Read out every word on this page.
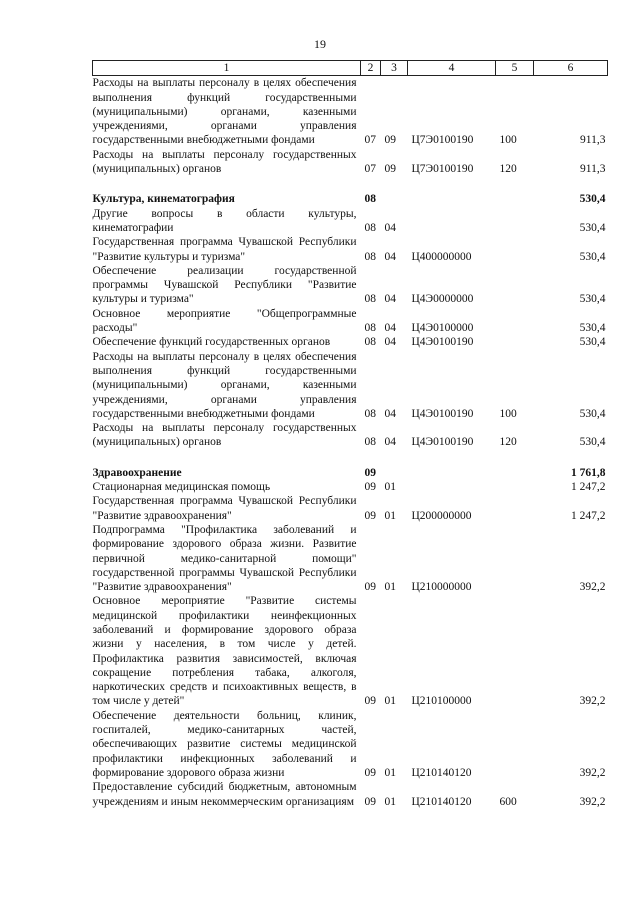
19
1	2	3	4	5	6
Расходы на выплаты персоналу в целях обеспечения выполнения функций государственными (муниципальными) органами, казенными учреждениями, органами управления государственными внебюджетными фондами	07	09	Ц7Э0100190	100	911,3
Расходы на выплаты персоналу государственных (муниципальных) органов	07	09	Ц7Э0100190	120	911,3
Культура, кинематография	08				530,4
Другие вопросы в области культуры, кинематографии	08	04			530,4
Государственная программа Чувашской Республики "Развитие культуры и туризма"	08	04	Ц400000000		530,4
Обеспечение реализации государственной программы Чувашской Республики "Развитие культуры и туризма"	08	04	Ц4Э0000000		530,4
Основное мероприятие "Общепрограммные расходы"	08	04	Ц4Э0100000		530,4
Обеспечение функций государственных органов	08	04	Ц4Э0100190		530,4
Расходы на выплаты персоналу в целях обеспечения выполнения функций государственными (муниципальными) органами, казенными учреждениями, органами управления государственными внебюджетными фондами	08	04	Ц4Э0100190	100	530,4
Расходы на выплаты персоналу государственных (муниципальных) органов	08	04	Ц4Э0100190	120	530,4
Здравоохранение	09				1 761,8
Стационарная медицинская помощь	09	01			1 247,2
Государственная программа Чувашской Республики "Развитие здравоохранения"	09	01	Ц200000000		1 247,2
Подпрограмма "Профилактика заболеваний и формирование здорового образа жизни. Развитие первичной медико-санитарной помощи" государственной программы Чувашской Республики "Развитие здравоохранения"	09	01	Ц210000000		392,2
Основное мероприятие "Развитие системы медицинской профилактики неинфекционных заболеваний и формирование здорового образа жизни у населения, в том числе у детей. Профилактика развития зависимостей, включая сокращение потребления табака, алкоголя, наркотических средств и психоактивных веществ, в том числе у детей"	09	01	Ц210100000		392,2
Обеспечение деятельности больниц, клиник, госпиталей, медико-санитарных частей, обеспечивающих развитие системы медицинской профилактики инфекционных заболеваний и формирование здорового образа жизни	09	01	Ц210140120		392,2
Предоставление субсидий бюджетным, автономным учреждениям и иным некоммерческим организациям	09	01	Ц210140120	600	392,2
